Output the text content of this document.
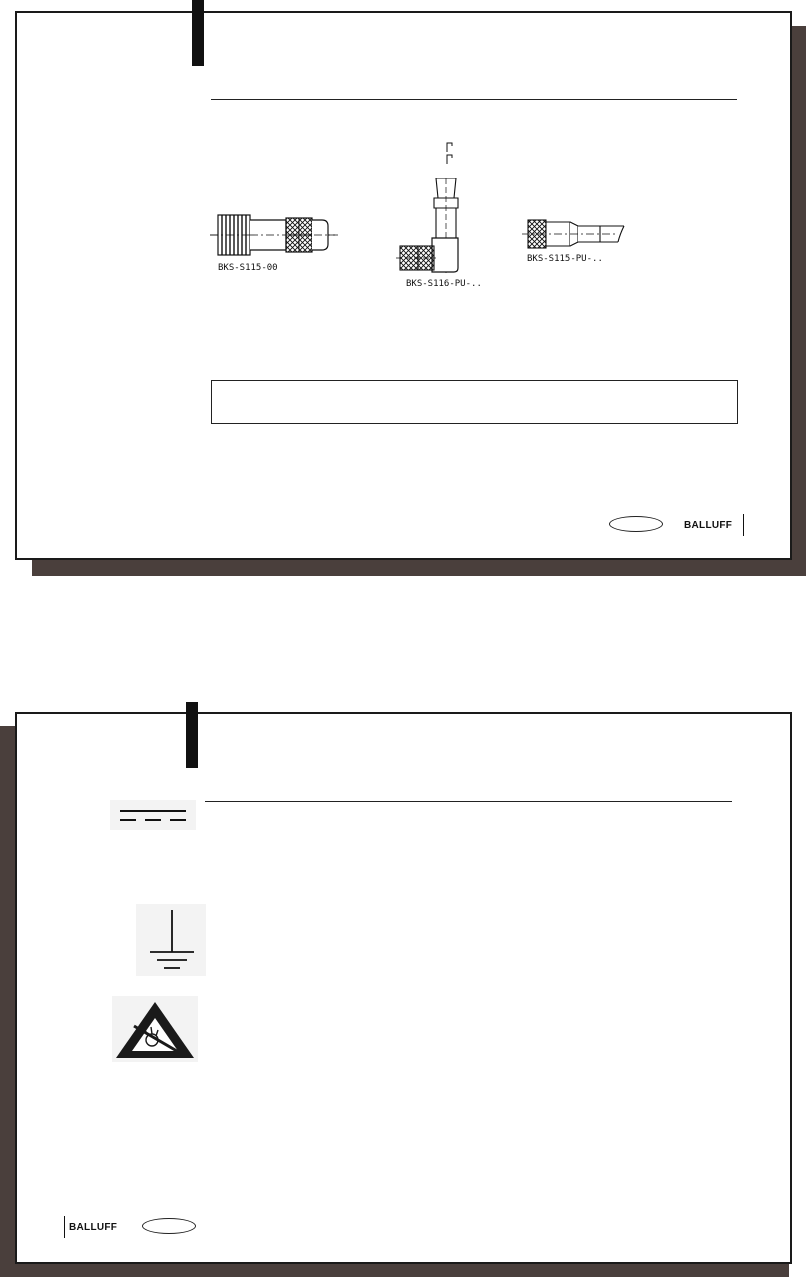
BKS-S115-00
BKS-S116-PU-..
BKS-S115-PU-..
BALLUFF
BALLUFF
